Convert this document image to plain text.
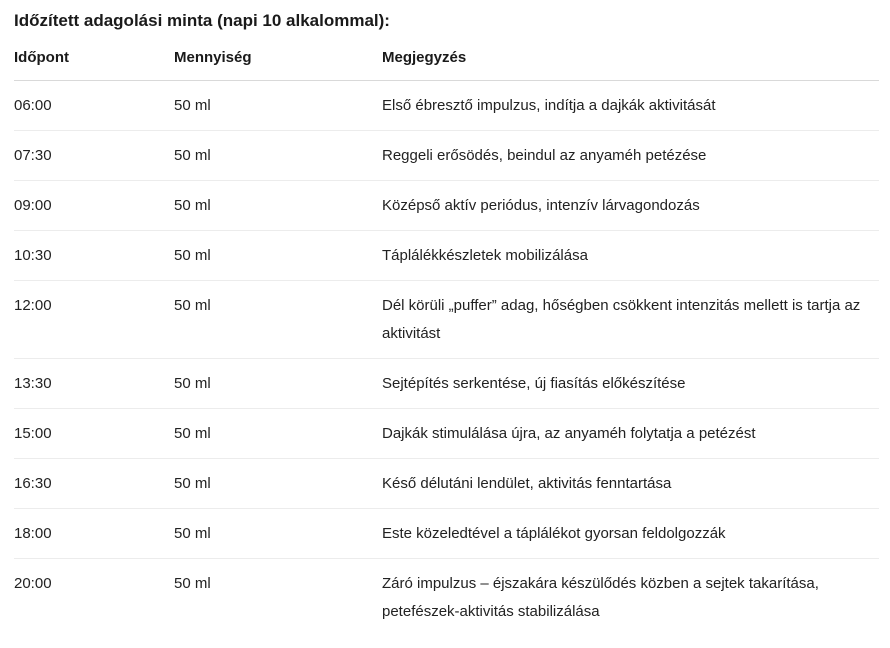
Időzített adagolási minta (napi 10 alkalommal):
Időpont	Mennyiség	Megjegyzés
06:00	50 ml	Első ébresztő impulzus, indítja a dajkák aktivitását
07:30	50 ml	Reggeli erősödés, beindul az anyaméh petézése
09:00	50 ml	Középső aktív periódus, intenzív lárvagondozás
10:30	50 ml	Táplálékkészletek mobilizálása
12:00	50 ml	Dél körüli „puffer” adag, hőségben csökkent intenzitás mellett is tartja az aktivitást
13:30	50 ml	Sejtépítés serkentése, új fiasítás előkészítése
15:00	50 ml	Dajkák stimulálása újra, az anyaméh folytatja a petézést
16:30	50 ml	Késő délutáni lendület, aktivitás fenntartása
18:00	50 ml	Este közeledtével a táplálékot gyorsan feldolgozzák
20:00	50 ml	Záró impulzus – éjszakára készülődés közben a sejtek takarítása, petefészek-aktivitás stabilizálása
